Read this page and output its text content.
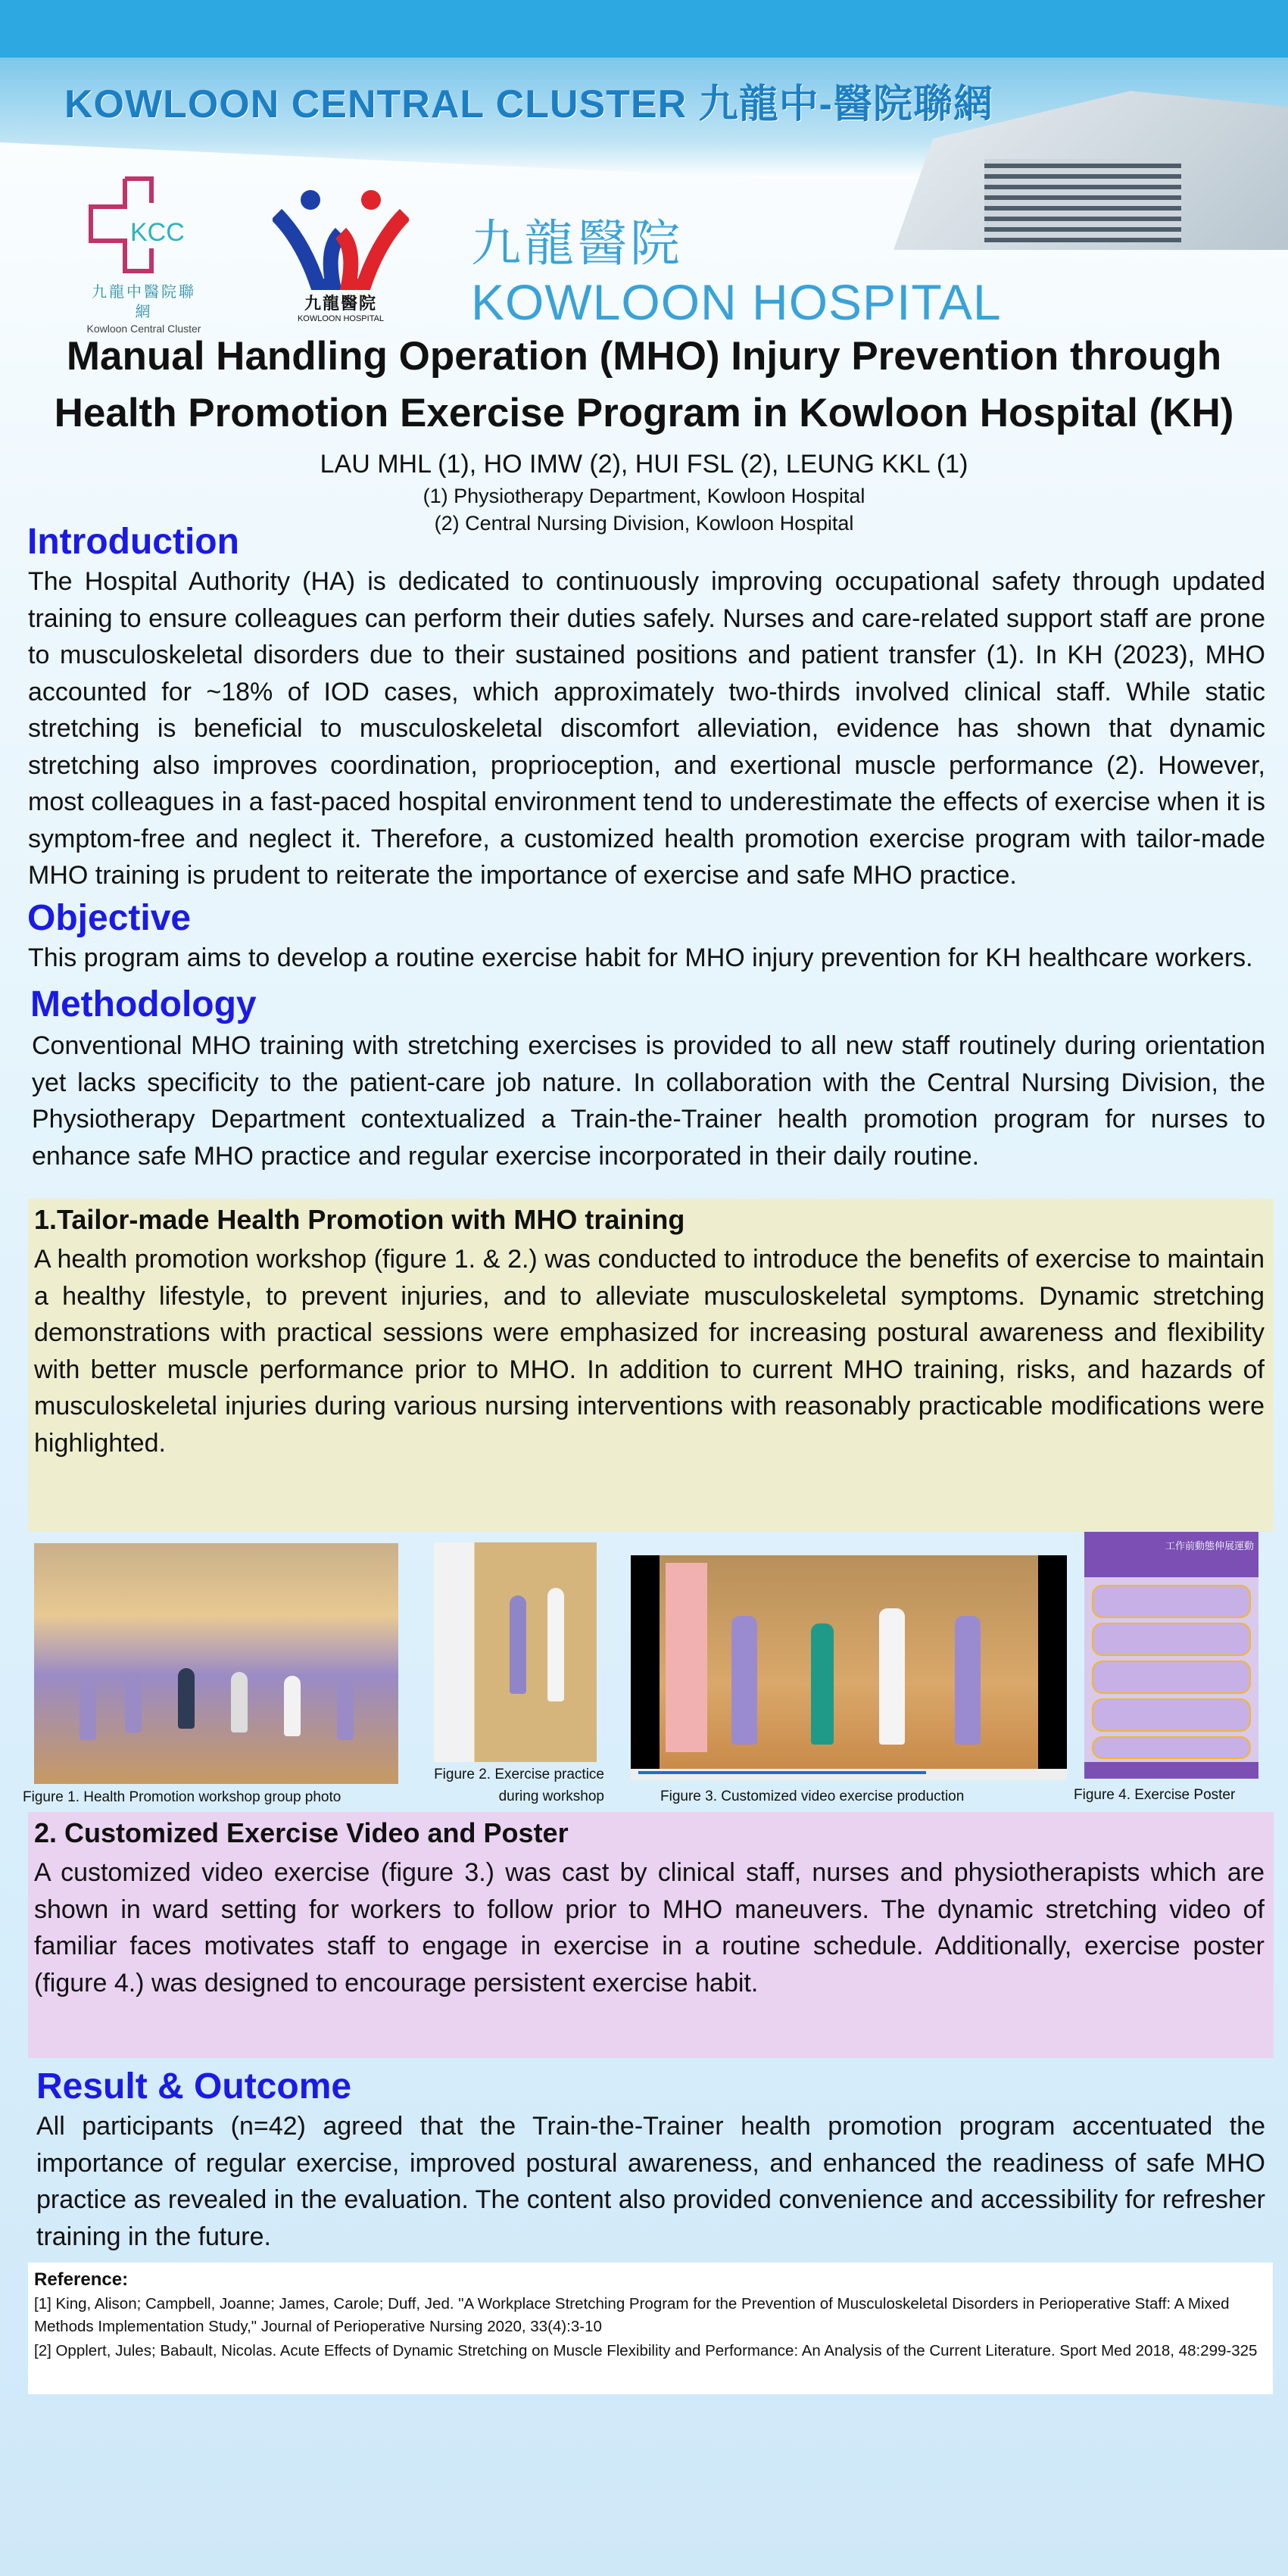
KOWLOON CENTRAL CLUSTER 九龍中-醫院聯網
KCC
九龍中醫院聯網
Kowloon Central Cluster
九龍醫院
KOWLOON HOSPITAL
九龍醫院
KOWLOON HOSPITAL
Manual Handling Operation (MHO) Injury Prevention through
Health Promotion Exercise Program in Kowloon Hospital (KH)
LAU MHL (1), HO IMW (2), HUI FSL (2), LEUNG KKL (1)
(1) Physiotherapy Department, Kowloon Hospital
(2) Central Nursing Division, Kowloon Hospital
Introduction
The Hospital Authority (HA) is dedicated to continuously improving occupational safety through updated training to ensure colleagues can perform their duties safely. Nurses and care-related support staff are prone to musculoskeletal disorders due to their sustained positions and patient transfer (1). In KH (2023), MHO accounted for ~18% of IOD cases, which approximately two-thirds involved clinical staff. While static stretching is beneficial to musculoskeletal discomfort alleviation, evidence has shown that dynamic stretching also improves coordination, proprioception, and exertional muscle performance (2). However, most colleagues in a fast-paced hospital environment tend to underestimate the effects of exercise when it is symptom-free and neglect it. Therefore, a customized health promotion exercise program with tailor-made MHO training is prudent to reiterate the importance of exercise and safe MHO practice.
Objective
This program aims to develop a routine exercise habit for MHO injury prevention for KH healthcare workers.
Methodology
Conventional MHO training with stretching exercises is provided to all new staff routinely during orientation yet lacks specificity to the patient-care job nature. In collaboration with the Central Nursing Division, the Physiotherapy Department contextualized a Train-the-Trainer health promotion program for nurses to enhance safe MHO practice and regular exercise incorporated in their daily routine.
1.Tailor-made Health Promotion with MHO training
A health promotion workshop (figure 1. & 2.) was conducted to introduce the benefits of exercise to maintain a healthy lifestyle, to prevent injuries, and to alleviate musculoskeletal symptoms. Dynamic stretching demonstrations with practical sessions were emphasized for increasing postural awareness and flexibility with better muscle performance prior to MHO. In addition to current MHO training, risks, and hazards of musculoskeletal injuries during various nursing interventions with reasonably practicable modifications were highlighted.
工作前動態伸展運動
Figure 1. Health Promotion workshop group photo
Figure 2. Exercise practice
during workshop	Figure 3. Customized video exercise production	Figure 4. Exercise Poster
2. Customized Exercise Video and Poster
A customized video exercise (figure 3.) was cast by clinical staff, nurses and physiotherapists which are shown in ward setting for workers to follow prior to MHO maneuvers. The dynamic stretching video of familiar faces motivates staff to engage in exercise in a routine schedule. Additionally, exercise poster (figure 4.) was designed to encourage persistent exercise habit.
Result & Outcome
All participants (n=42) agreed that the Train-the-Trainer health promotion program accentuated the importance of regular exercise, improved postural awareness, and enhanced the readiness of safe MHO practice as revealed in the evaluation. The content also provided convenience and accessibility for refresher training in the future.
Reference:
[1] King, Alison; Campbell, Joanne; James, Carole; Duff, Jed. "A Workplace Stretching Program for the Prevention of Musculoskeletal Disorders in Perioperative Staff: A Mixed Methods Implementation Study," Journal of Perioperative Nursing 2020, 33(4):3-10
[2] Opplert, Jules; Babault, Nicolas. Acute Effects of Dynamic Stretching on Muscle Flexibility and Performance: An Analysis of the Current Literature. Sport Med 2018, 48:299-325
